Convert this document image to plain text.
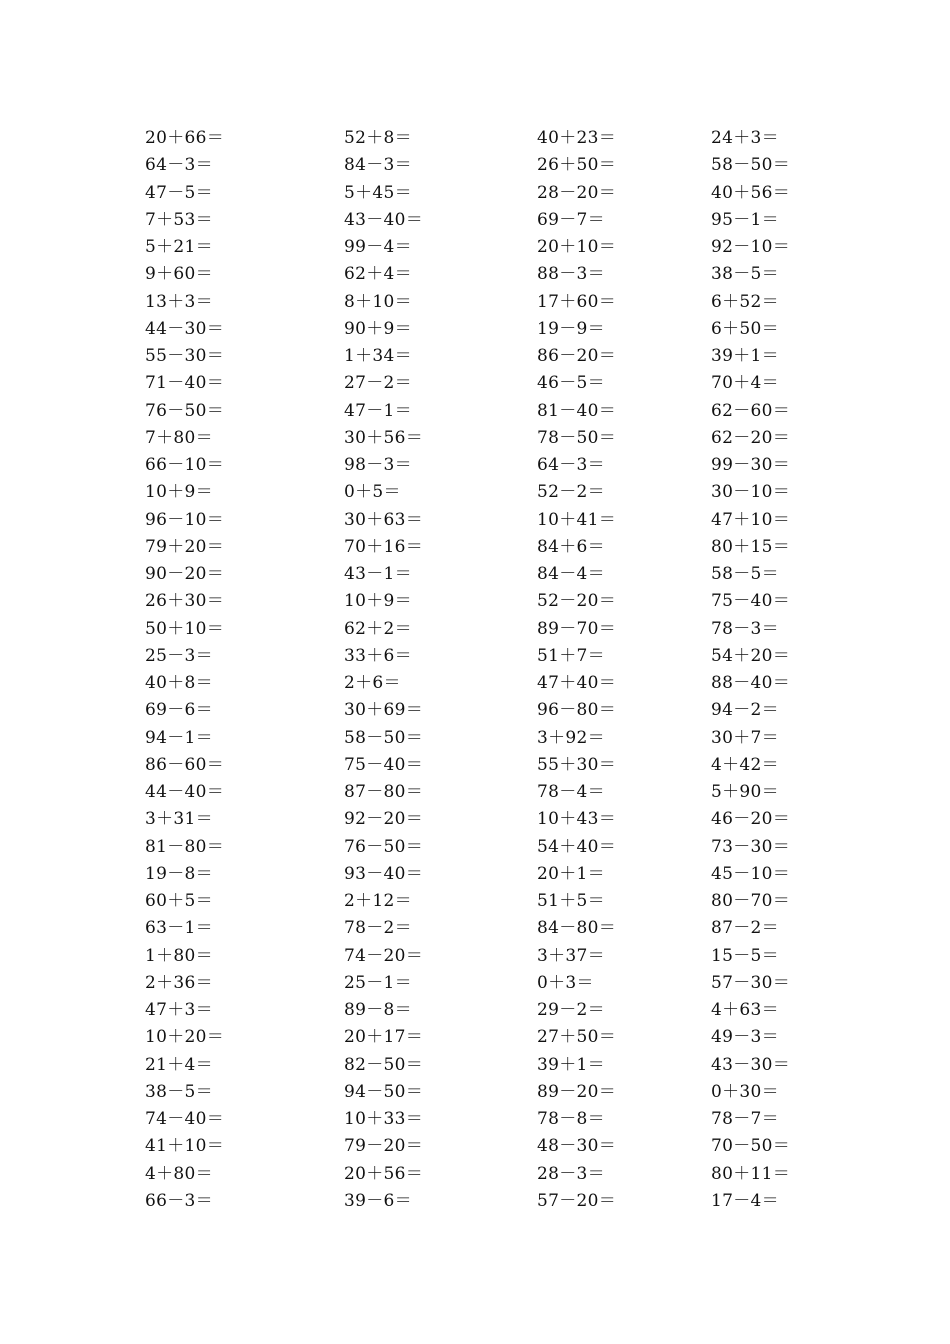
20＋66＝
64－3＝
47－5＝
7＋53＝
5＋21＝
9＋60＝
13＋3＝
44－30＝
55－30＝
71－40＝
76－50＝
7＋80＝
66－10＝
10＋9＝
96－10＝
79＋20＝
90－20＝
26＋30＝
50＋10＝
25－3＝
40＋8＝
69－6＝
94－1＝
86－60＝
44－40＝
3＋31＝
81－80＝
19－8＝
60＋5＝
63－1＝
1＋80＝
2＋36＝
47＋3＝
10＋20＝
21＋4＝
38－5＝
74－40＝
41＋10＝
4＋80＝
66－3＝
52＋8＝
84－3＝
5＋45＝
43－40＝
99－4＝
62＋4＝
8＋10＝
90＋9＝
1＋34＝
27－2＝
47－1＝
30＋56＝
98－3＝
0＋5＝
30＋63＝
70＋16＝
43－1＝
10＋9＝
62＋2＝
33＋6＝
2＋6＝
30＋69＝
58－50＝
75－40＝
87－80＝
92－20＝
76－50＝
93－40＝
2＋12＝
78－2＝
74－20＝
25－1＝
89－8＝
20＋17＝
82－50＝
94－50＝
10＋33＝
79－20＝
20＋56＝
39－6＝
40＋23＝
26＋50＝
28－20＝
69－7＝
20＋10＝
88－3＝
17＋60＝
19－9＝
86－20＝
46－5＝
81－40＝
78－50＝
64－3＝
52－2＝
10＋41＝
84＋6＝
84－4＝
52－20＝
89－70＝
51＋7＝
47＋40＝
96－80＝
3＋92＝
55＋30＝
78－4＝
10＋43＝
54＋40＝
20＋1＝
51＋5＝
84－80＝
3＋37＝
0＋3＝
29－2＝
27＋50＝
39＋1＝
89－20＝
78－8＝
48－30＝
28－3＝
57－20＝
24＋3＝
58－50＝
40＋56＝
95－1＝
92－10＝
38－5＝
6＋52＝
6＋50＝
39＋1＝
70＋4＝
62－60＝
62－20＝
99－30＝
30－10＝
47＋10＝
80＋15＝
58－5＝
75－40＝
78－3＝
54＋20＝
88－40＝
94－2＝
30＋7＝
4＋42＝
5＋90＝
46－20＝
73－30＝
45－10＝
80－70＝
87－2＝
15－5＝
57－30＝
4＋63＝
49－3＝
43－30＝
0＋30＝
78－7＝
70－50＝
80＋11＝
17－4＝
